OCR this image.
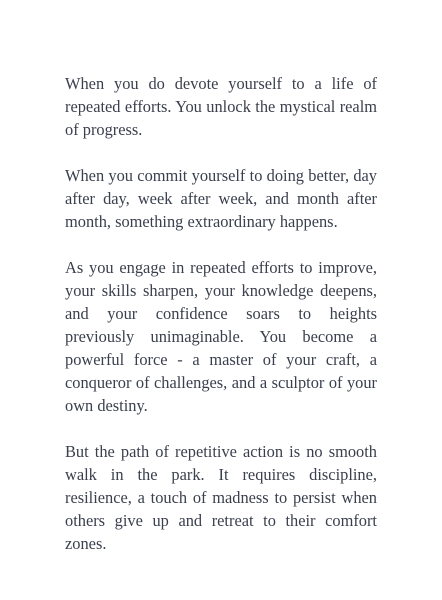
When you do devote yourself to a life of repeated efforts. You unlock the mystical realm of progress.

When you commit yourself to doing better, day after day, week after week, and month after month, something extraordinary happens.

As you engage in repeated efforts to improve, your skills sharpen, your knowledge deepens, and your confidence soars to heights previously unimaginable. You become a powerful force - a master of your craft, a conqueror of challenges, and a sculptor of your own destiny.

But the path of repetitive action is no smooth walk in the park. It requires discipline, resilience, a touch of madness to persist when others give up and retreat to their comfort zones.
